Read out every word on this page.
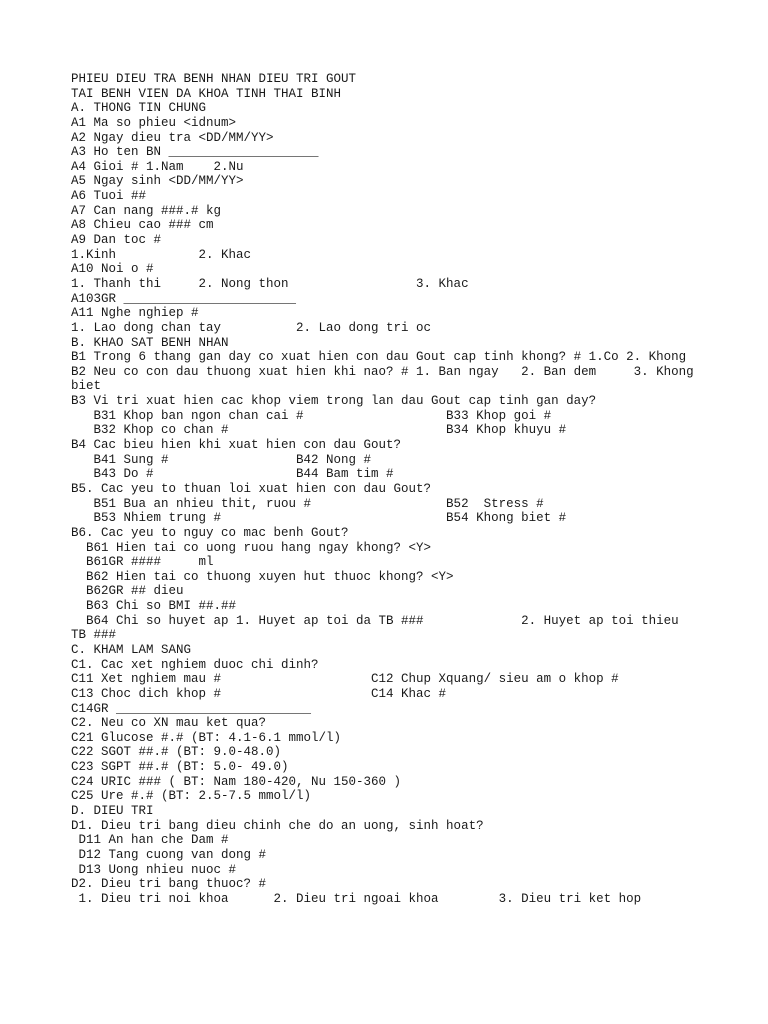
PHIEU DIEU TRA BENH NHAN DIEU TRI GOUT
TAI BENH VIEN DA KHOA TINH THAI BINH
A. THONG TIN CHUNG
A1 Ma so phieu <idnum>
A2 Ngay dieu tra <DD/MM/YY>
A3 Ho ten BN ____________________
A4 Gioi # 1.Nam    2.Nu
A5 Ngay sinh <DD/MM/YY>
A6 Tuoi ##
A7 Can nang ###.# kg
A8 Chieu cao ### cm
A9 Dan toc #
1.Kinh           2. Khac
A10 Noi o #
1. Thanh thi     2. Nong thon                 3. Khac
A103GR _______________________
A11 Nghe nghiep #
1. Lao dong chan tay          2. Lao dong tri oc
B. KHAO SAT BENH NHAN
B1 Trong 6 thang gan day co xuat hien con dau Gout cap tinh khong? # 1.Co 2. Khong
B2 Neu co con dau thuong xuat hien khi nao? # 1. Ban ngay   2. Ban dem     3. Khong
biet
B3 Vi tri xuat hien cac khop viem trong lan dau Gout cap tinh gan day?
B31 Khop ban ngon chan cai #                   B33 Khop goi #
B32 Khop co chan #                             B34 Khop khuyu #
B4 Cac bieu hien khi xuat hien con dau Gout?
B41 Sung #                 B42 Nong #
B43 Do #                   B44 Bam tim #
B5. Cac yeu to thuan loi xuat hien con dau Gout?
B51 Bua an nhieu thit, ruou #                  B52  Stress #
B53 Nhiem trung #                              B54 Khong biet #
B6. Cac yeu to nguy co mac benh Gout?
B61 Hien tai co uong ruou hang ngay khong? <Y>
B61GR ####     ml
B62 Hien tai co thuong xuyen hut thuoc khong? <Y>
B62GR ## dieu
B63 Chi so BMI ##.##
B64 Chi so huyet ap 1. Huyet ap toi da TB ###             2. Huyet ap toi thieu
TB ###
C. KHAM LAM SANG
C1. Cac xet nghiem duoc chi dinh?
C11 Xet nghiem mau #                    C12 Chup Xquang/ sieu am o khop #
C13 Choc dich khop #                    C14 Khac #
C14GR __________________________
C2. Neu co XN mau ket qua?
C21 Glucose #.# (BT: 4.1-6.1 mmol/l)
C22 SGOT ##.# (BT: 9.0-48.0)
C23 SGPT ##.# (BT: 5.0- 49.0)
C24 URIC ### ( BT: Nam 180-420, Nu 150-360 )
C25 Ure #.# (BT: 2.5-7.5 mmol/l)
D. DIEU TRI
D1. Dieu tri bang dieu chinh che do an uong, sinh hoat?
D11 An han che Dam #
D12 Tang cuong van dong #
D13 Uong nhieu nuoc #
D2. Dieu tri bang thuoc? #
1. Dieu tri noi khoa      2. Dieu tri ngoai khoa        3. Dieu tri ket hop
